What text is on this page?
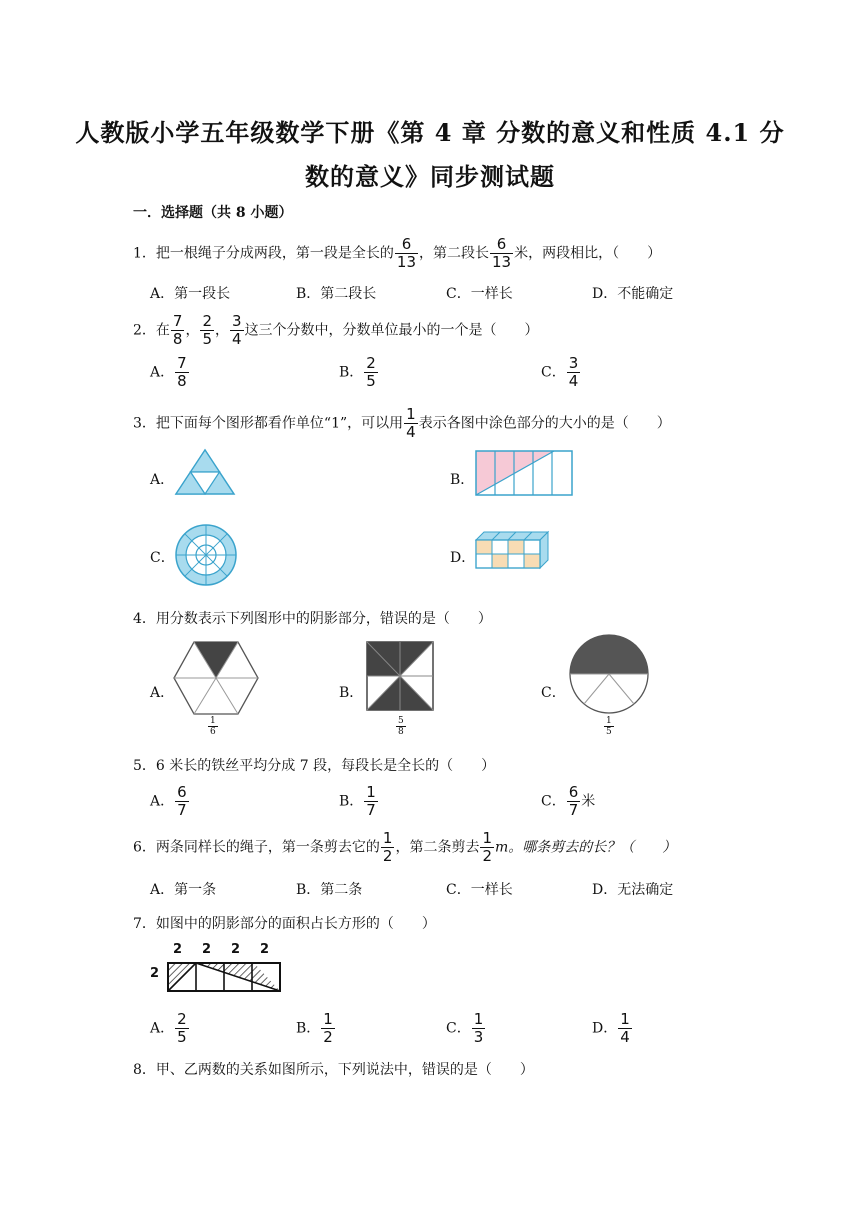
人教版小学五年级数学下册《第 4 章 分数的意义和性质 4.1 分
数的意义》同步测试题
一．选择题（共 8 小题）
1．把一根绳子分成两段，第一段是全长的 $\frac{6}{13}$ ，第二段长 $\frac{6}{13}$ 米，两段相比，（　　）
A．第一段长	B．第二段长	C．一样长	D．不能确定
2．在 $\frac{7}{8}$ ， $\frac{2}{5}$ ， $\frac{3}{4}$ 这三个分数中，分数单位最小的一个是（　　）
A． $\frac{7}{8}$	B． $\frac{2}{5}$	C． $\frac{3}{4}$
3．把下面每个图形都看作单位“1”，可以用 $\frac{1}{4}$ 表示各图中涂色部分的大小的是（　　）
A．	B．
C．	D．
4．用分数表示下列图形中的阴影部分，错误的是（　　）
A．	B．	C．
$\frac{1}{6}$	$\frac{5}{8}$	$\frac{1}{5}$
5．6 米长的铁丝平均分成 7 段，每段长是全长的（　　）
A． $\frac{6}{7}$	B． $\frac{1}{7}$	C． $\frac{6}{7}$ 米
6．两条同样长的绳子，第一条剪去它的 $\frac{1}{2}$ ，第二条剪去 $\frac{1}{2}$ m。哪条剪去的长？（　　）
A．第一条	B．第二条	C．一样长	D．无法确定
7．如图中的阴影部分的面积占长方形的（　　）
2 2 2 2
2
A． $\frac{2}{5}$	B． $\frac{1}{2}$	C． $\frac{1}{3}$	D． $\frac{1}{4}$
8．甲、乙两数的关系如图所示，下列说法中，错误的是（　　）
